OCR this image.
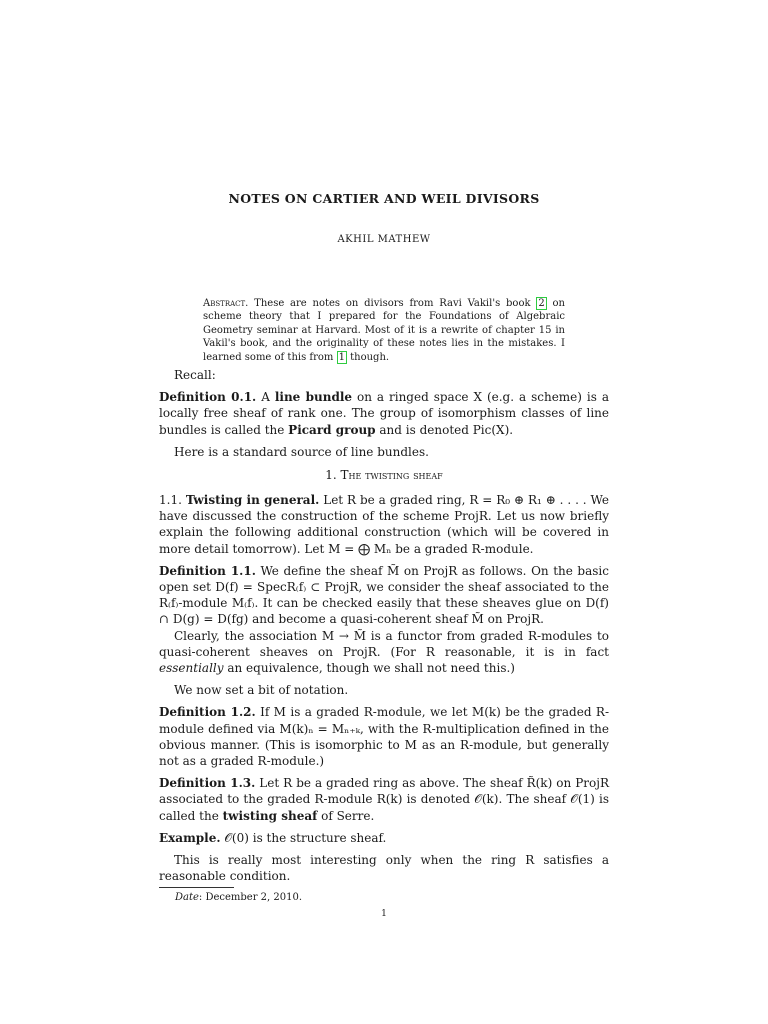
NOTES ON CARTIER AND WEIL DIVISORS
AKHIL MATHEW
Abstract. These are notes on divisors from Ravi Vakil's book 2 on scheme theory that I prepared for the Foundations of Algebraic Geometry seminar at Harvard. Most of it is a rewrite of chapter 15 in Vakil's book, and the originality of these notes lies in the mistakes. I learned some of this from 1 though.

Recall:

Definition 0.1. A line bundle on a ringed space X (e.g. a scheme) is a locally free sheaf of rank one. The group of isomorphism classes of line bundles is called the Picard group and is denoted Pic(X).

Here is a standard source of line bundles.

1. The twisting sheaf

1.1. Twisting in general. Let R be a graded ring, R = R₀ ⊕ R₁ ⊕ . . . . We have discussed the construction of the scheme ProjR. Let us now briefly explain the following additional construction (which will be covered in more detail tomorrow). Let M = ⨁ Mₙ be a graded R-module.

Definition 1.1. We define the sheaf M̃ on ProjR as follows. On the basic open set D(f) = SpecR₍f₎ ⊂ ProjR, we consider the sheaf associated to the R₍f₎-module M₍f₎. It can be checked easily that these sheaves glue on D(f) ∩ D(g) = D(fg) and become a quasi-coherent sheaf M̃ on ProjR.

Clearly, the association M → M̃ is a functor from graded R-modules to quasi-coherent sheaves on ProjR. (For R reasonable, it is in fact essentially an equivalence, though we shall not need this.)

We now set a bit of notation.

Definition 1.2. If M is a graded R-module, we let M(k) be the graded R-module defined via M(k)ₙ = Mₙ₊ₖ, with the R-multiplication defined in the obvious manner. (This is isomorphic to M as an R-module, but generally not as a graded R-module.)

Definition 1.3. Let R be a graded ring as above. The sheaf R̃(k) on ProjR associated to the graded R-module R(k) is denoted 𝒪(k). The sheaf 𝒪(1) is called the twisting sheaf of Serre.

Example. 𝒪(0) is the structure sheaf.

This is really most interesting only when the ring R satisfies a reasonable condition.

Date: December 2, 2010.
1
